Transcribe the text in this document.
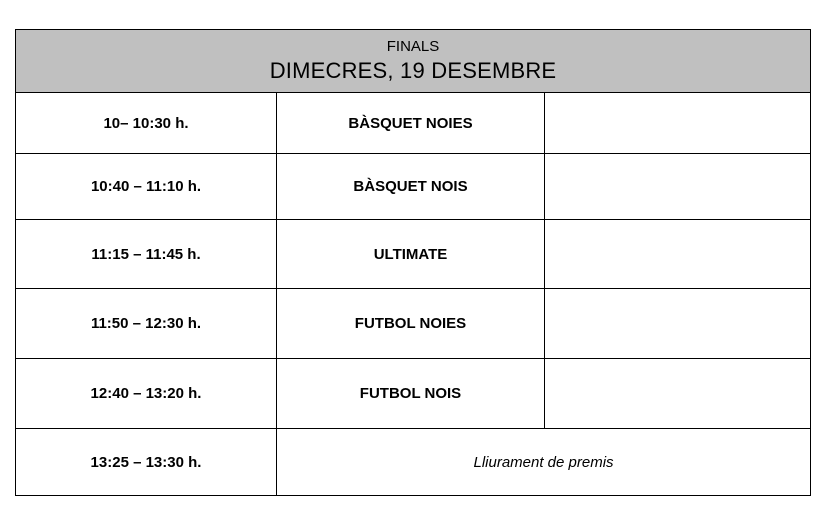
FINALS
DIMECRES, 19 DESEMBRE		

10– 10:30 h.	BÀSQUET NOIES	
10:40 – 11:10 h.	BÀSQUET NOIS	
11:15 – 11:45 h.	ULTIMATE	
11:50 – 12:30 h.	FUTBOL NOIES	
12:40 – 13:20 h.	FUTBOL NOIS	
13:25 – 13:30 h.	Lliurament de premis	
